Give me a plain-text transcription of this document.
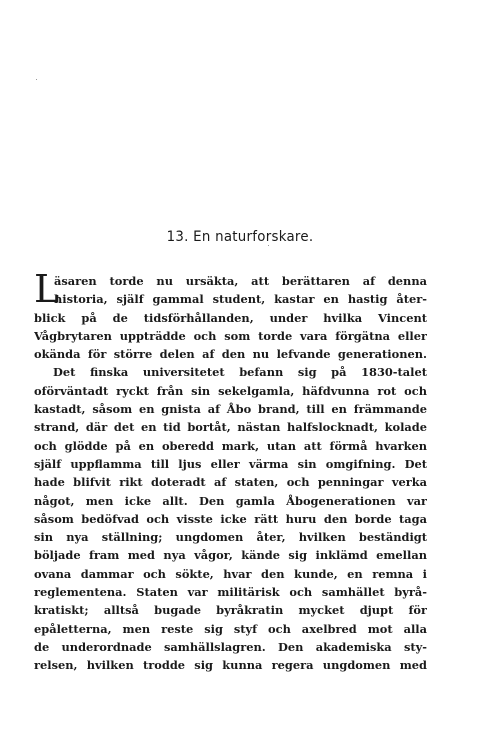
13. En naturforskare.
L
äsaren torde nu ursäkta, att berättaren af denna
historia, själf gammal student, kastar en hastig åter-
blick på de tidsförhållanden, under hvilka Vincent
Vågbrytaren uppträdde och som torde vara förgätna eller
okända för större delen af den nu lefvande generationen.
Det finska universitetet befann sig på 1830-talet
oförväntadt ryckt från sin sekelgamla, häfdvunna rot och
kastadt, såsom en gnista af Åbo brand, till en främmande
strand, där det en tid bortåt, nästan halfslocknadt, kolade
och glödde på en oberedd mark, utan att förmå hvarken
själf uppflamma till ljus eller värma sin omgifning. Det
hade blifvit rikt doteradt af staten, och penningar verka
något, men icke allt. Den gamla Åbogenerationen var
såsom bedöfvad och visste icke rätt huru den borde taga
sin nya ställning; ungdomen åter, hvilken beständigt
böljade fram med nya vågor, kände sig inklämd emellan
ovana dammar och sökte, hvar den kunde, en remna i
reglementena. Staten var militärisk och samhället byrå-
kratiskt; alltså bugade byråkratin mycket djupt för
epåletterna, men reste sig styf och axelbred mot alla
de underordnade samhällslagren. Den akademiska sty-
relsen, hvilken trodde sig kunna regera ungdomen med
